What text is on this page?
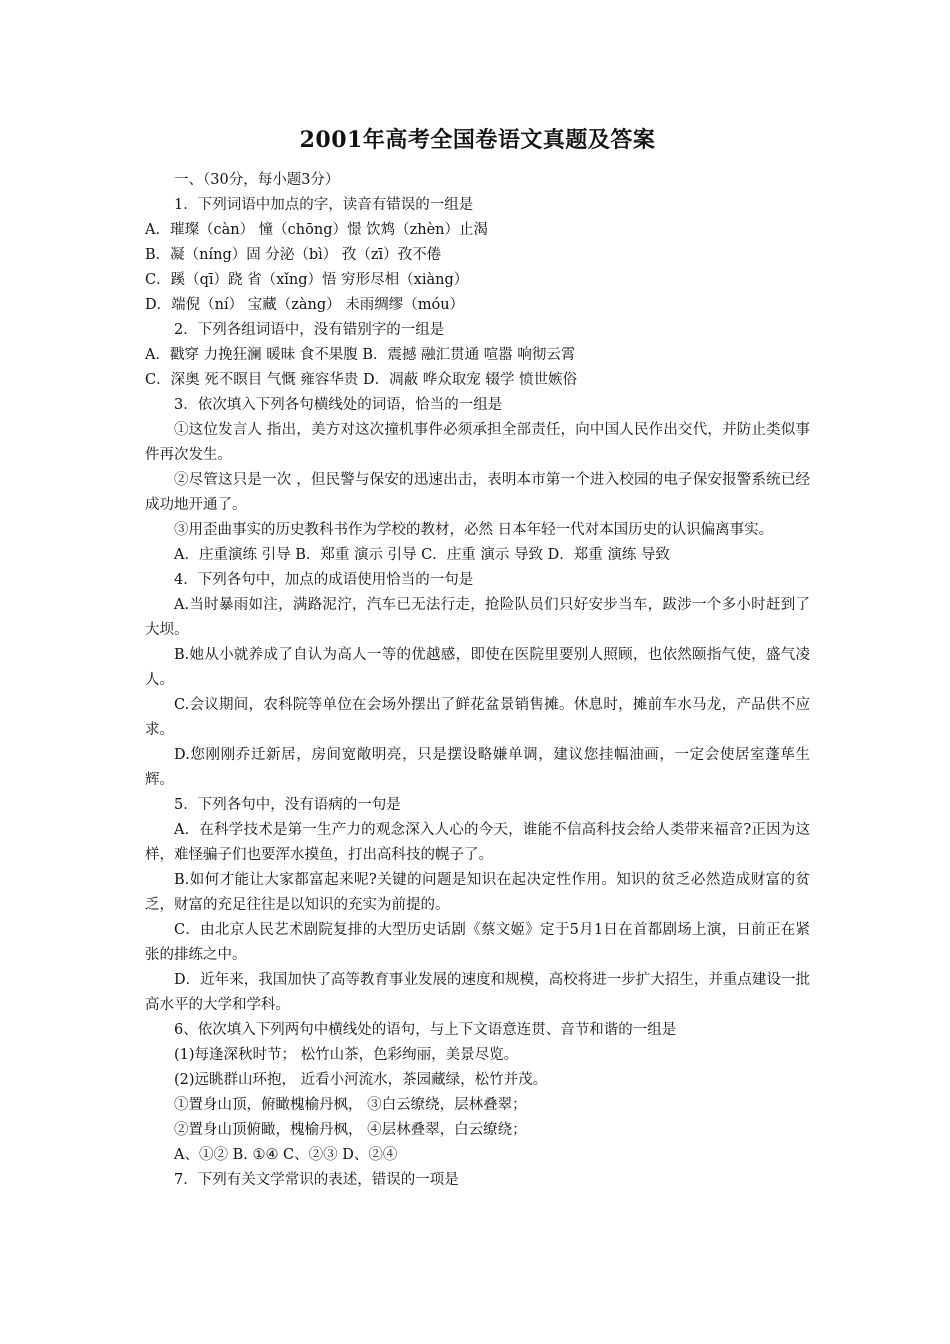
2001年高考全国卷语文真题及答案
一、（30分，每小题3分）
1．下列词语中加点的字，读音有错误的一组是
A．璀璨（càn） 憧（chōng）憬 饮鸩（zhèn）止渴
B．凝（níng）固 分泌（bì） 孜（zī）孜不倦
C．蹊（qī）跷 省（xǐng）悟 穷形尽相（xiàng）
D．端倪（ní） 宝藏（zàng） 未雨绸缪（móu）
2．下列各组词语中，没有错别字的一组是
A．戳穿 力挽狂澜 暖昧 食不果腹 B．震撼 融汇贯通 喧嚣 响彻云霄
C．深奥 死不瞑目 气慨 雍容华贵 D．凋蔽 哗众取宠 辍学 愤世嫉俗
3．依次填入下列各句横线处的词语，恰当的一组是

①这位发言人 指出，美方对这次撞机事件必须承担全部责任，向中国人民作出交代，并防止类似事件再次发生。

②尽管这只是一次 ，但民警与保安的迅速出击，表明本市第一个进入校园的电子保安报警系统已经成功地开通了。

③用歪曲事实的历史教科书作为学校的教材，必然 日本年轻一代对本国历史的认识偏离事实。

A．庄重演练 引导 B．郑重 演示 引导 C．庄重 演示 导致 D．郑重 演练 导致
4．下列各句中，加点的成语使用恰当的一句是

A.当时暴雨如注，满路泥泞，汽车已无法行走，抢险队员们只好安步当车，跋涉一个多小时赶到了大坝。

B.她从小就养成了自认为高人一等的优越感，即使在医院里要别人照顾，也依然颐指气使，盛气凌人。

C.会议期间，农科院等单位在会场外摆出了鲜花盆景销售摊。休息时，摊前车水马龙，产品供不应求。

D.您刚刚乔迁新居，房间宽敞明亮，只是摆设略嫌单调，建议您挂幅油画，一定会使居室蓬荜生辉。

5．下列各句中，没有语病的一句是

A．在科学技术是第一生产力的观念深入人心的今天，谁能不信高科技会给人类带来福音?正因为这样，难怪骗子们也要浑水摸鱼，打出高科技的幌子了。

B.如何才能让大家都富起来呢?关键的问题是知识在起决定性作用。知识的贫乏必然造成财富的贫乏，财富的充足往往是以知识的充实为前提的。

C．由北京人民艺术剧院复排的大型历史话剧《蔡文姬》定于5月1日在首都剧场上演，日前正在紧张的排练之中。

D．近年来，我国加快了高等教育事业发展的速度和规模，高校将进一步扩大招生，并重点建设一批高水平的大学和学科。

6、依次填入下列两句中横线处的语句，与上下文语意连贯、音节和谐的一组是
(1)每逢深秋时节； 松竹山茶，色彩绚丽，美景尽览。
(2)远眺群山环抱， 近看小河流水，茶园藏绿，松竹并茂。
①置身山顶，俯瞰槐榆丹枫， ③白云缭绕，层林叠翠；
②置身山顶俯瞰，槐榆丹枫， ④层林叠翠，白云缭绕；
A、①② B. ①④ C、②③ D、②④
7．下列有关文学常识的表述，错误的一项是
